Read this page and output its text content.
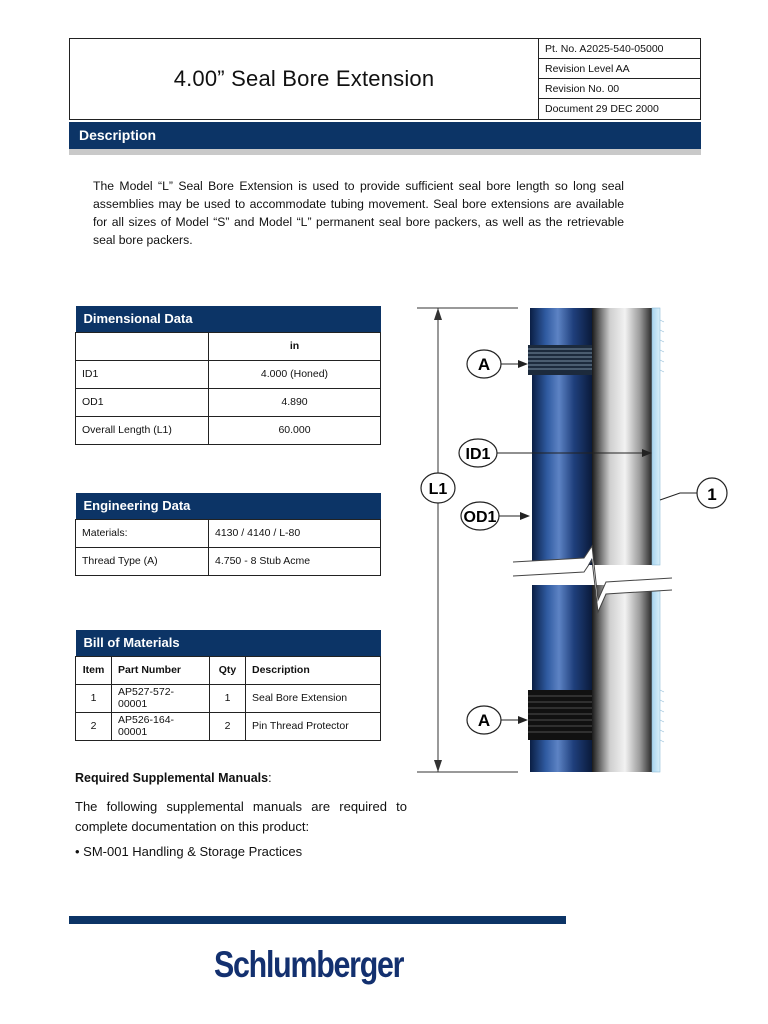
4.00” Seal Bore Extension
Pt. No. A2025-540-05000
Revision Level AA
Revision No. 00
Document 29 DEC 2000
Description
The Model “L” Seal Bore Extension is used to provide sufficient seal bore length so long seal assemblies may be used to accommodate tubing movement. Seal bore extensions are available for all sizes of Model “S” and Model “L” permanent seal bore packers, as well as the retrievable seal bore packers.
Dimensional Data	
	in
ID1	4.000 (Honed)
OD1	4.890
Overall Length (L1)	60.000
Engineering Data	
Materials:	4130 / 4140 / L-80
Thread Type (A)	4.750 - 8 Stub Acme
Bill of Materials			
Item	Part Number	Qty	Description
1	AP527-572-00001	1	Seal Bore Extension
2	AP526-164-00001	2	Pin Thread Protector
Required Supplemental Manuals:
The following supplemental manuals are required to complete documentation on this product:
• SM-001 Handling & Storage Practices
A
ID1
L1
OD1
1
A
Schlumberger
